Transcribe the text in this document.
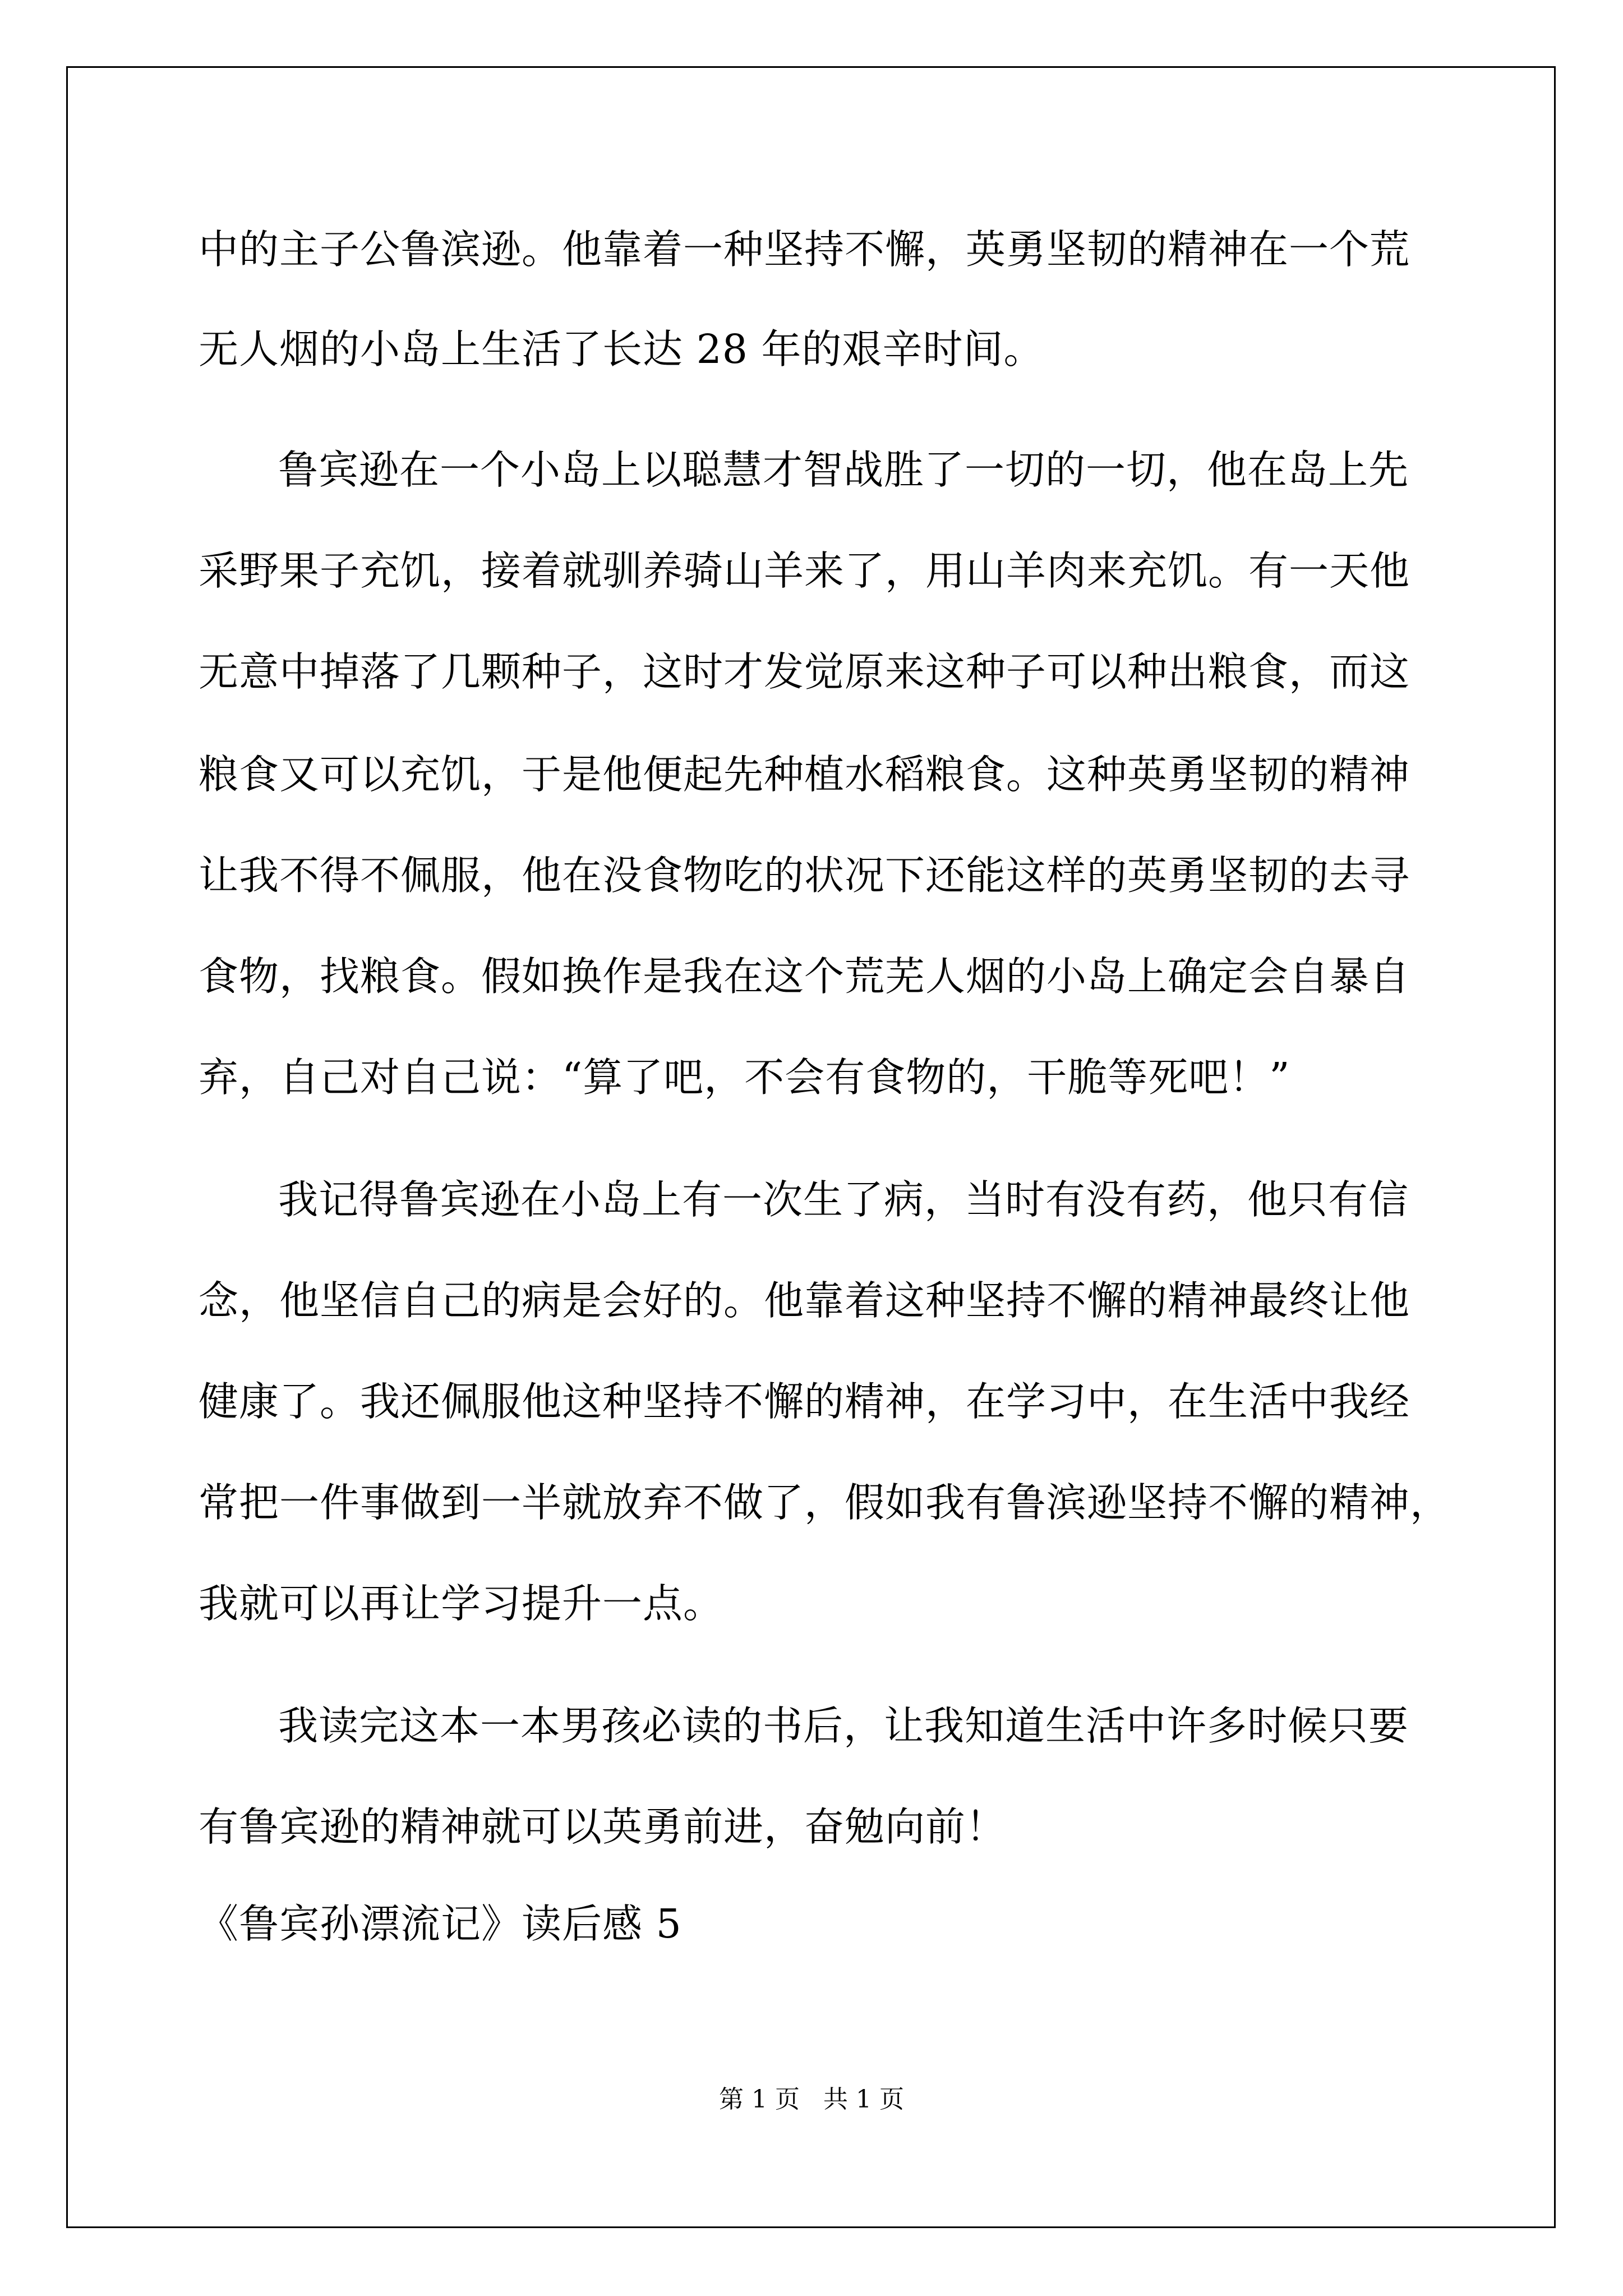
中的主子公鲁滨逊。他靠着一种坚持不懈，英勇坚韧的精神在一个荒
无人烟的小岛上生活了长达 28 年的艰辛时间。
鲁宾逊在一个小岛上以聪慧才智战胜了一切的一切，他在岛上先
采野果子充饥，接着就驯养骑山羊来了，用山羊肉来充饥。有一天他
无意中掉落了几颗种子，这时才发觉原来这种子可以种出粮食，而这
粮食又可以充饥，于是他便起先种植水稻粮食。这种英勇坚韧的精神
让我不得不佩服，他在没食物吃的状况下还能这样的英勇坚韧的去寻
食物，找粮食。假如换作是我在这个荒芜人烟的小岛上确定会自暴自
弃，自己对自己说：“算了吧，不会有食物的，干脆等死吧！”
我记得鲁宾逊在小岛上有一次生了病，当时有没有药，他只有信
念，他坚信自己的病是会好的。他靠着这种坚持不懈的精神最终让他
健康了。我还佩服他这种坚持不懈的精神，在学习中，在生活中我经
常把一件事做到一半就放弃不做了，假如我有鲁滨逊坚持不懈的精神，
我就可以再让学习提升一点。
我读完这本一本男孩必读的书后，让我知道生活中许多时候只要
有鲁宾逊的精神就可以英勇前进，奋勉向前！
《鲁宾孙漂流记》读后感 5
第 1 页   共 1 页
